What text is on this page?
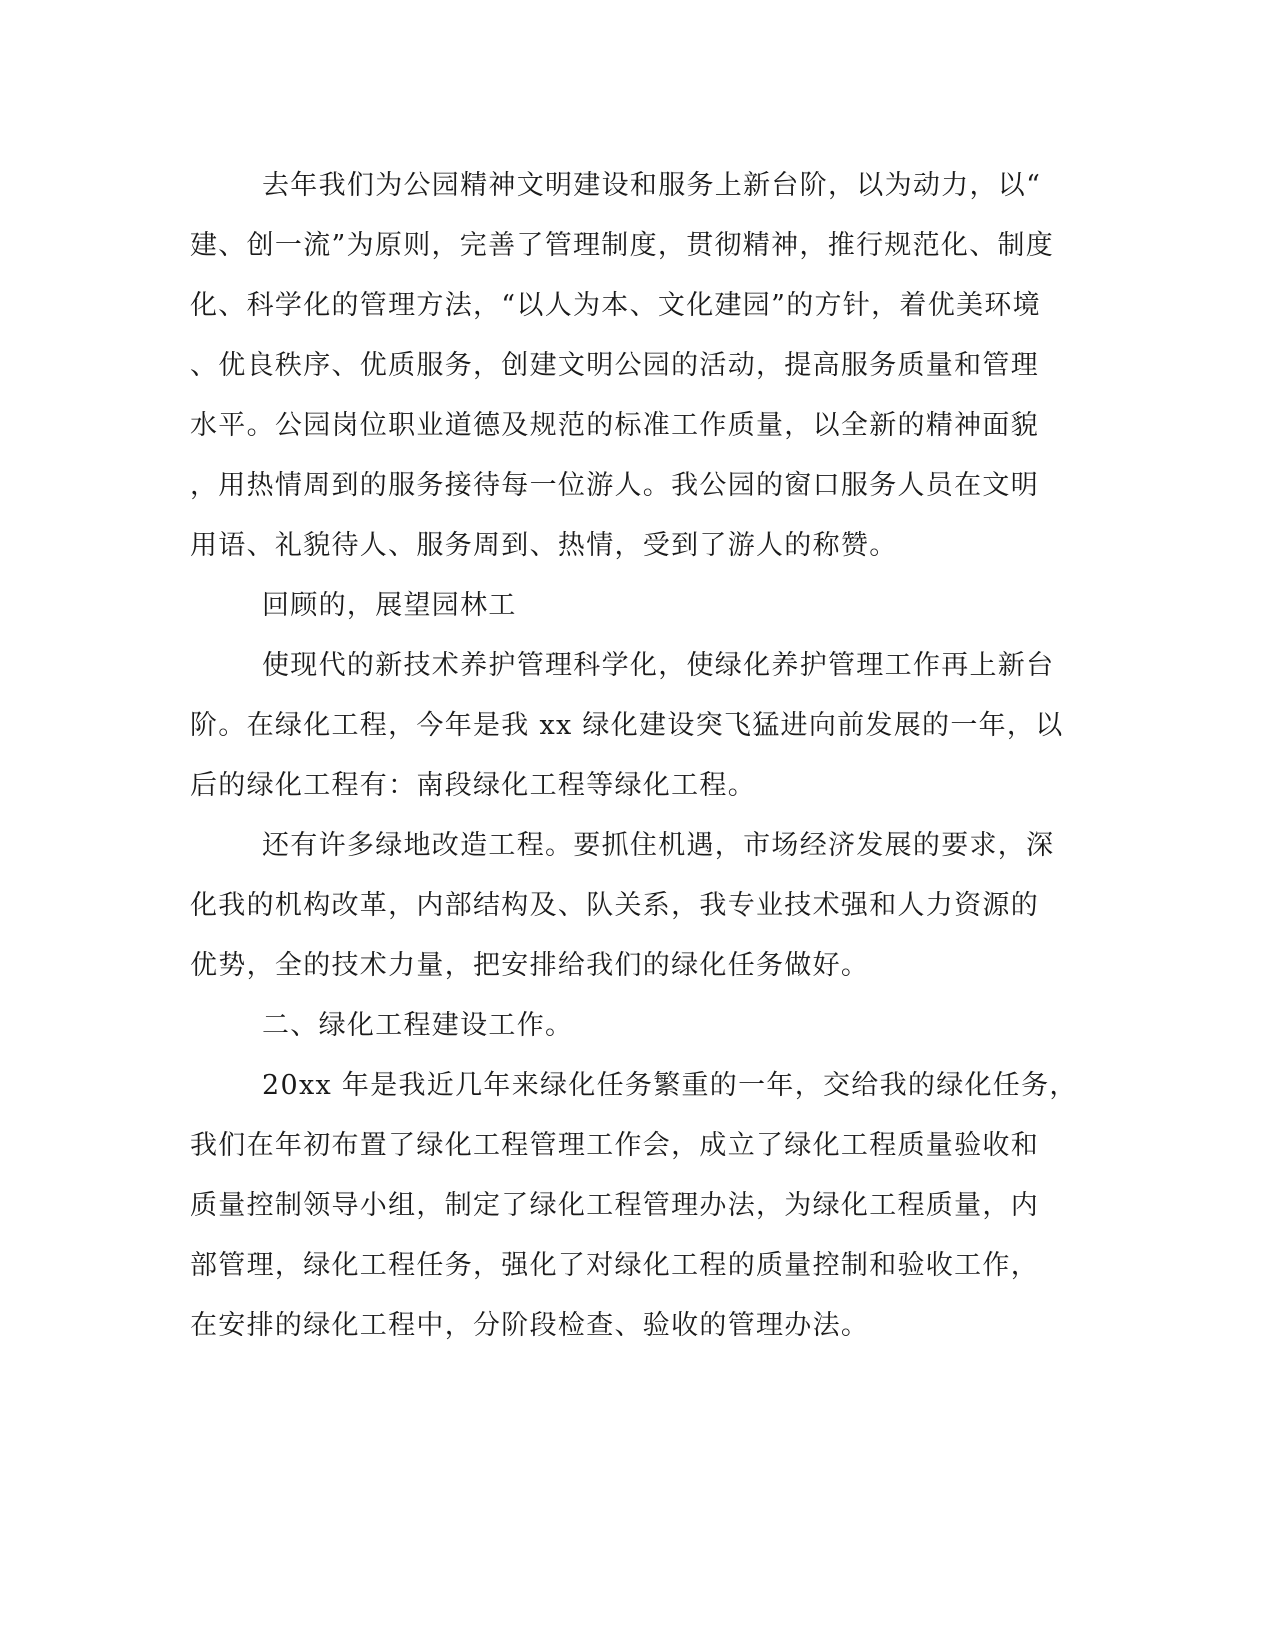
去年我们为公园精神文明建设和服务上新台阶，以为动力，以“
建、创一流”为原则，完善了管理制度，贯彻精神，推行规范化、制度
化、科学化的管理方法，“以人为本、文化建园”的方针，着优美环境
、优良秩序、优质服务，创建文明公园的活动，提高服务质量和管理
水平。公园岗位职业道德及规范的标准工作质量，以全新的精神面貌
，用热情周到的服务接待每一位游人。我公园的窗口服务人员在文明
用语、礼貌待人、服务周到、热情，受到了游人的称赞。
回顾的，展望园林工
使现代的新技术养护管理科学化，使绿化养护管理工作再上新台
阶。在绿化工程，今年是我 xx 绿化建设突飞猛进向前发展的一年，以
后的绿化工程有：南段绿化工程等绿化工程。
还有许多绿地改造工程。要抓住机遇，市场经济发展的要求，深
化我的机构改革，内部结构及、队关系，我专业技术强和人力资源的
优势，全的技术力量，把安排给我们的绿化任务做好。
二、绿化工程建设工作。
20xx 年是我近几年来绿化任务繁重的一年，交给我的绿化任务，
我们在年初布置了绿化工程管理工作会，成立了绿化工程质量验收和
质量控制领导小组，制定了绿化工程管理办法，为绿化工程质量，内
部管理，绿化工程任务，强化了对绿化工程的质量控制和验收工作，
在安排的绿化工程中，分阶段检查、验收的管理办法。
